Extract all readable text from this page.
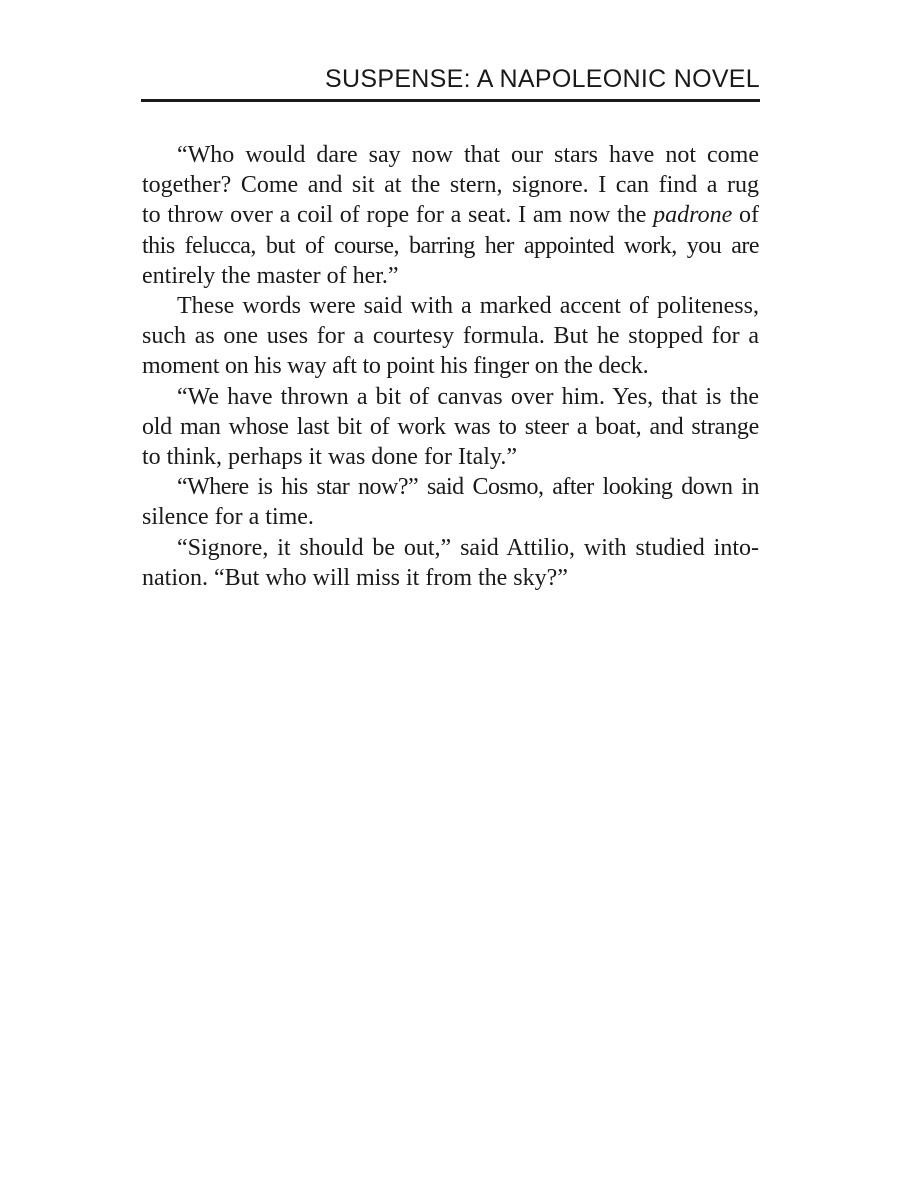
SUSPENSE: A NAPOLEONIC NOVEL
“Who would dare say now that our stars have not come
together? Come and sit at the stern, signore. I can find a rug
to throw over a coil of rope for a seat. I am now the padrone of
this felucca, but of course, barring her appointed work, you are
entirely the master of her.”
These words were said with a marked accent of politeness,
such as one uses for a courtesy formula. But he stopped for a
moment on his way aft to point his finger on the deck.
“We have thrown a bit of canvas over him. Yes, that is the
old man whose last bit of work was to steer a boat, and strange
to think, perhaps it was done for Italy.”
“Where is his star now?” said Cosmo, after looking down in
silence for a time.
“Signore, it should be out,” said Attilio, with studied into-
nation. “But who will miss it from the sky?”
